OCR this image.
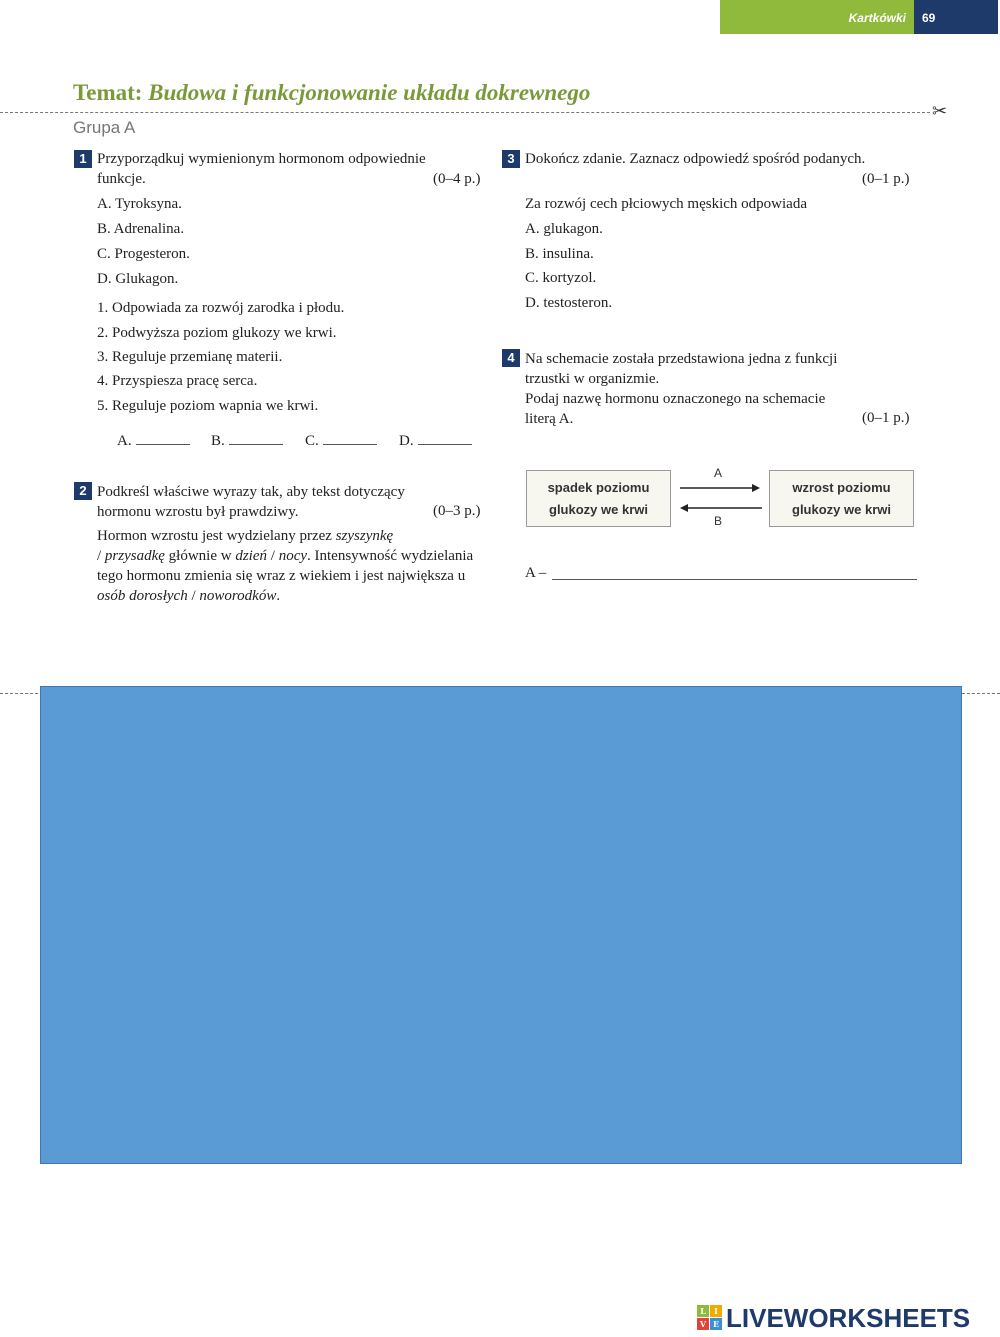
Kartkówki 69
Temat: Budowa i funkcjonowanie układu dokrewnego
✂
Grupa A
1 Przyporządkuj wymienionym hormonom odpowiednie
funkcje.	(0–4 p.)
A. Tyroksyna.
B. Adrenalina.
C. Progesteron.
D. Glukagon.
1. Odpowiada za rozwój zarodka i płodu.
2. Podwyższa poziom glukozy we krwi.
3. Reguluje przemianę materii.
4. Przyspiesza pracę serca.
5. Reguluje poziom wapnia we krwi.
A.	B.	C.	D.
2 Podkreśl właściwe wyrazy tak, aby tekst dotyczący
hormonu wzrostu był prawdziwy.	(0–3 p.)
Hormon wzrostu jest wydzielany przez szyszynkę
/ przysadkę głównie w dzień / nocy. Intensywność wydzielania tego hormonu zmienia się wraz z wiekiem i jest największa u osób dorosłych / noworodków.
3 Dokończ zdanie. Zaznacz odpowiedź spośród podanych.
(0–1 p.)
Za rozwój cech płciowych męskich odpowiada
A. glukagon.
B. insulina.
C. kortyzol.
D. testosteron.
4 Na schemacie została przedstawiona jedna z funkcji
trzustki w organizmie.
Podaj nazwę hormonu oznaczonego na schemacie
literą A.	(0–1 p.)
spadek poziomu
glukozy we krwi
wzrost poziomu
glukozy we krwi
A
B
A –
L	I
V E LIVEWORKSHEETS
